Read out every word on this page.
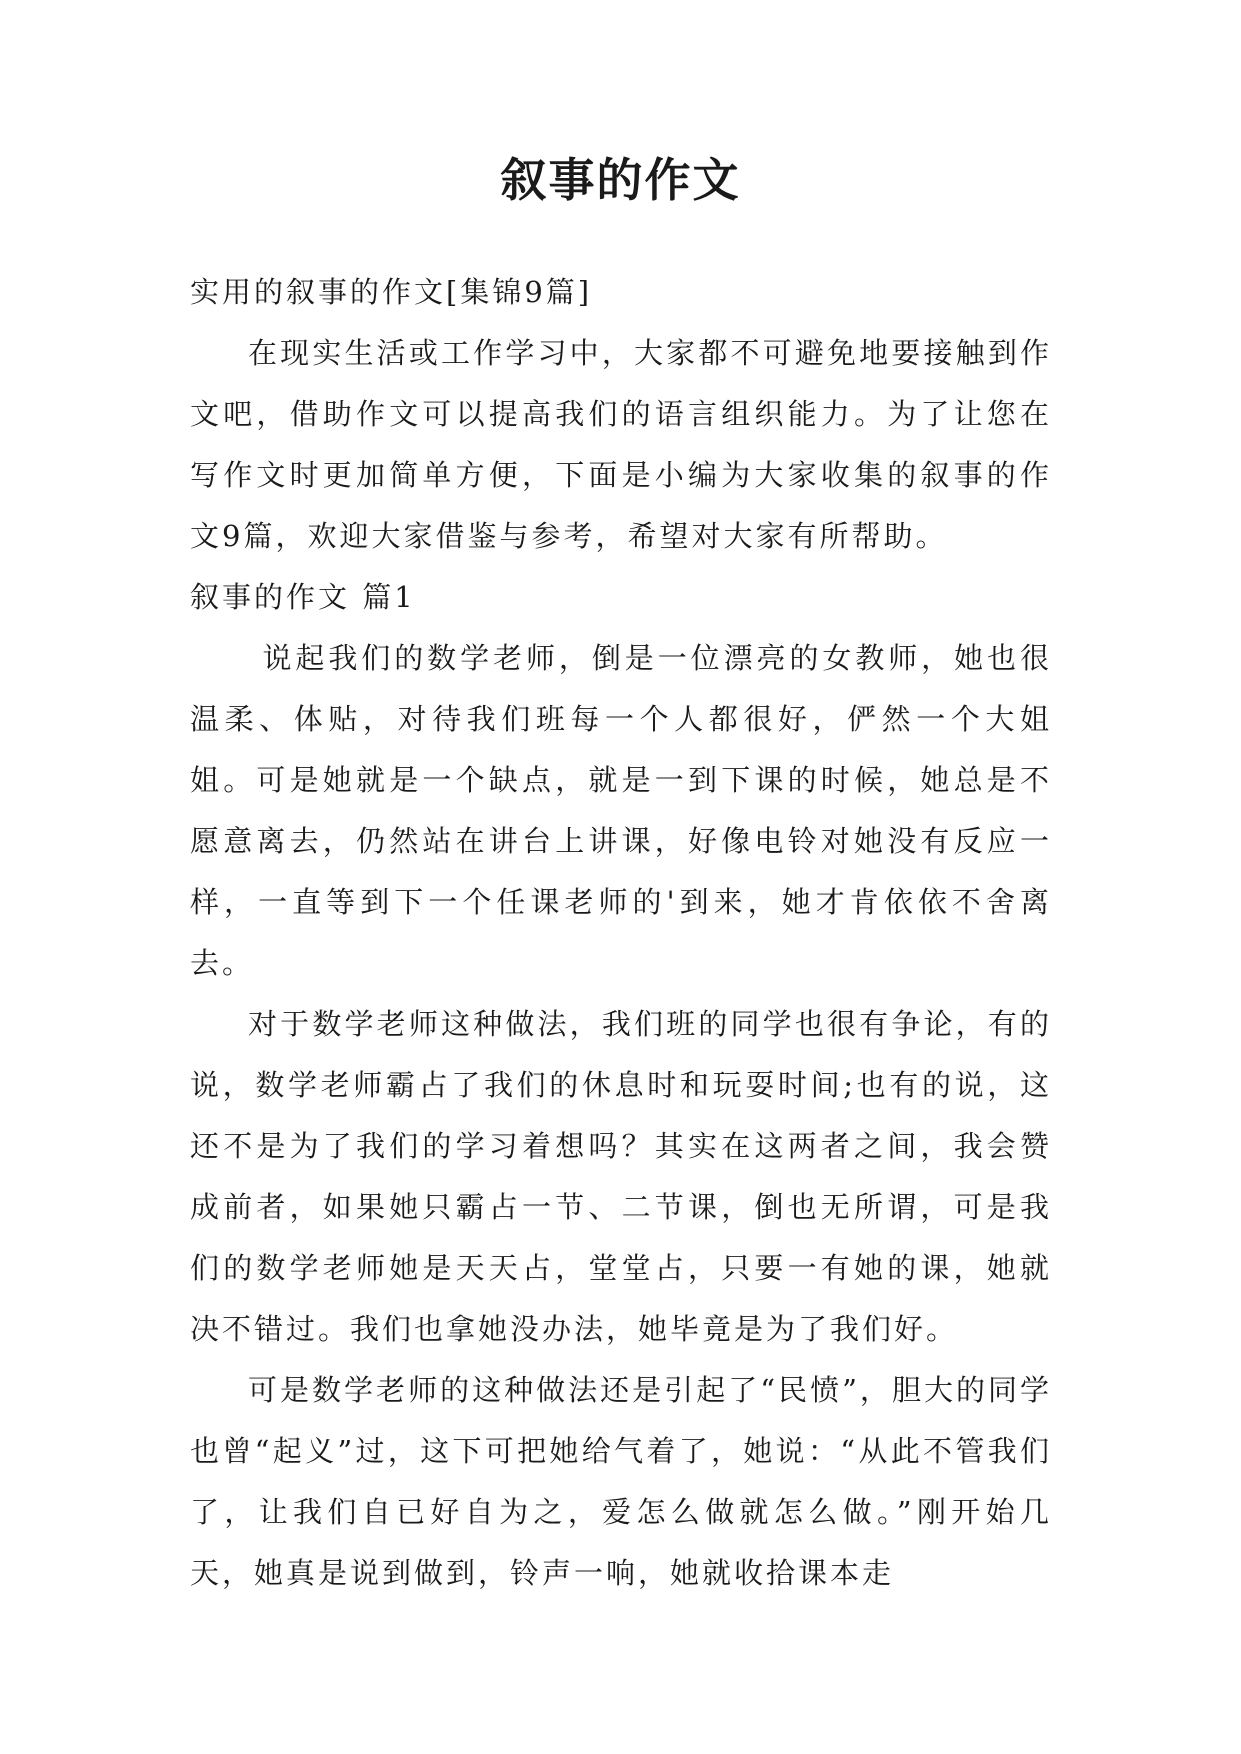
叙事的作文

实用的叙事的作文[集锦9篇]

在现实生活或工作学习中，大家都不可避免地要接触到作文吧，借助作文可以提高我们的语言组织能力。为了让您在写作文时更加简单方便，下面是小编为大家收集的叙事的作文9篇，欢迎大家借鉴与参考，希望对大家有所帮助。

叙事的作文 篇1

说起我们的数学老师，倒是一位漂亮的女教师，她也很温柔、体贴，对待我们班每一个人都很好，俨然一个大姐姐。可是她就是一个缺点，就是一到下课的时候，她总是不愿意离去，仍然站在讲台上讲课，好像电铃对她没有反应一样，一直等到下一个任课老师的'到来，她才肯依依不舍离去。

对于数学老师这种做法，我们班的同学也很有争论，有的说，数学老师霸占了我们的休息时和玩耍时间;也有的说，这还不是为了我们的学习着想吗？其实在这两者之间，我会赞成前者，如果她只霸占一节、二节课，倒也无所谓，可是我们的数学老师她是天天占，堂堂占，只要一有她的课，她就决不错过。我们也拿她没办法，她毕竟是为了我们好。

可是数学老师的这种做法还是引起了“民愤”，胆大的同学也曾“起义”过，这下可把她给气着了，她说：“从此不管我们了，让我们自已好自为之，爱怎么做就怎么做。”刚开始几天，她真是说到做到，铃声一响，她就收拾课本走
